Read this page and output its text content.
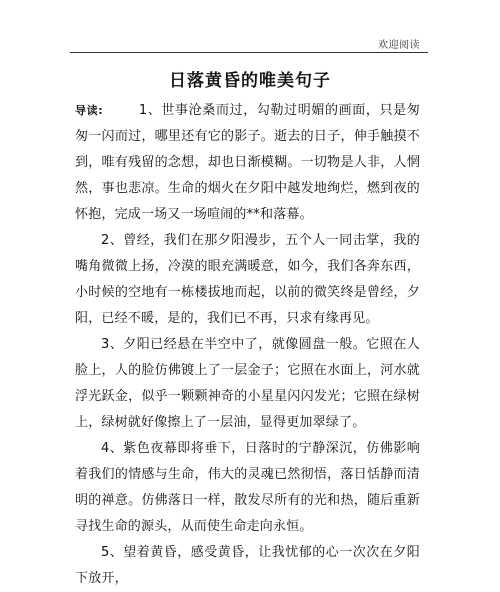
欢迎阅读
日落黄昏的唯美句子

导读:	1、世事沧桑而过，勾勒过明媚的画面，只是匆匆一闪而过，哪里还有它的影子。逝去的日子，伸手触摸不到，唯有残留的念想，却也日渐模糊。一切物是人非，人惘然，事也悲凉。生命的烟火在夕阳中越发地绚烂，燃到夜的怀抱，完成一场又一场喧闹的**和落幕。

2、曾经，我们在那夕阳漫步，五个人一同击掌，我的嘴角微微上扬，冷漠的眼充满暖意，如今，我们各奔东西，小时候的空地有一栋楼拔地而起，以前的微笑终是曾经，夕阳，已经不暖，是的，我们已不再，只求有缘再见。

3、夕阳已经悬在半空中了，就像圆盘一般。它照在人脸上，人的脸仿佛镀上了一层金子；它照在水面上，河水就浮光跃金，似乎一颗颗神奇的小星星闪闪发光；它照在绿树上，绿树就好像擦上了一层油，显得更加翠绿了。

4、紫色夜幕即将垂下，日落时的宁静深沉，仿佛影响着我们的情感与生命，伟大的灵魂已然彻悟，落日恬静而清明的禅意。仿佛落日一样，散发尽所有的光和热，随后重新寻找生命的源头，从而使生命走向永恒。

5、望着黄昏，感受黄昏，让我忧郁的心一次次在夕阳下放开，
